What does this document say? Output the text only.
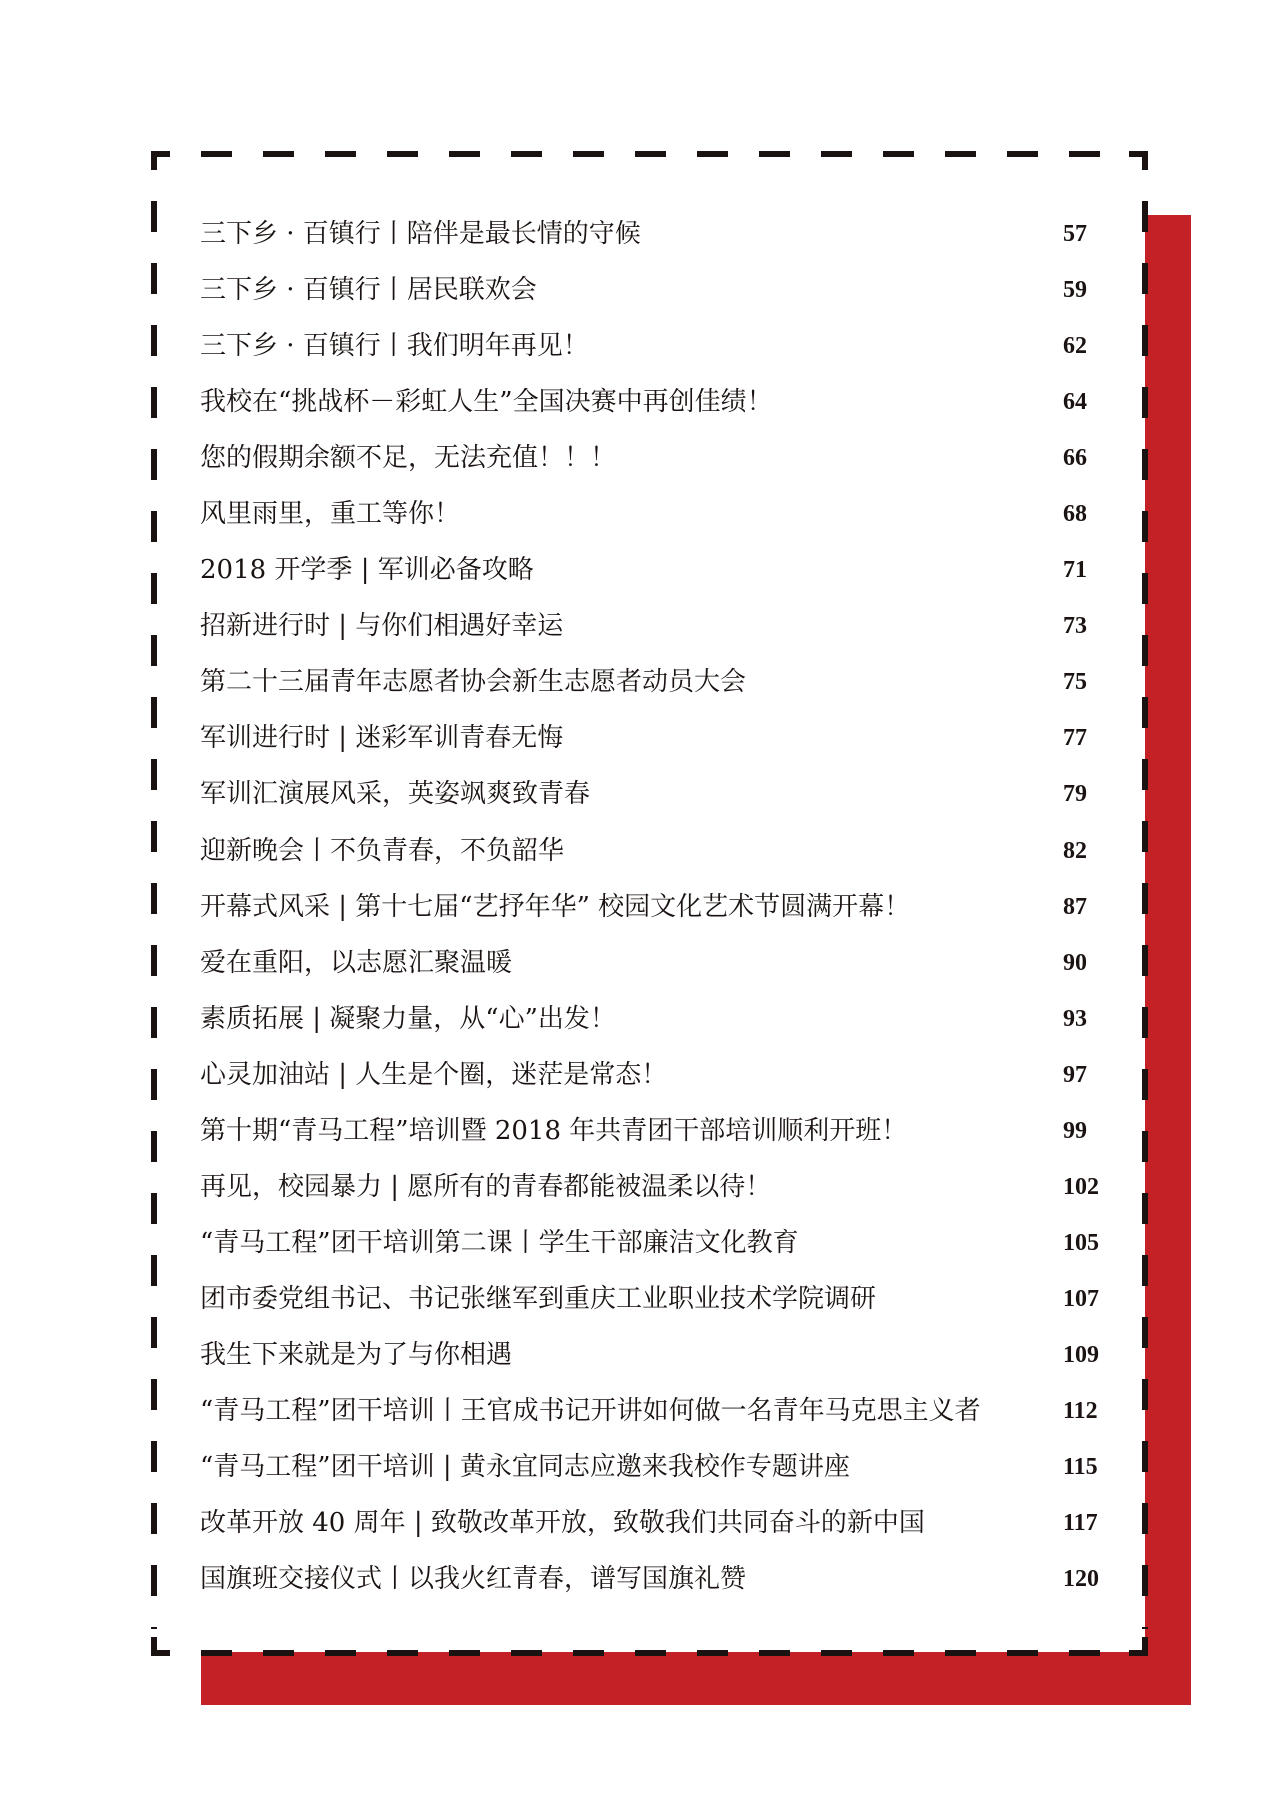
三下乡 · 百镇行丨陪伴是最长情的守候	57
三下乡 · 百镇行丨居民联欢会	59
三下乡 · 百镇行丨我们明年再见！	62
我校在“挑战杯－彩虹人生”全国决赛中再创佳绩！	64
您的假期余额不足，无法充值！！！	66
风里雨里，重工等你！	68
2018 开学季 | 军训必备攻略	71
招新进行时 | 与你们相遇好幸运	73
第二十三届青年志愿者协会新生志愿者动员大会	75
军训进行时 | 迷彩军训青春无悔	77
军训汇演展风采，英姿飒爽致青春	79
迎新晚会丨不负青春，不负韶华	82
开幕式风采 | 第十七届“艺抒年华” 校园文化艺术节圆满开幕！	87
爱在重阳，以志愿汇聚温暖	90
素质拓展 | 凝聚力量，从“心”出发！	93
心灵加油站 | 人生是个圈，迷茫是常态！	97
第十期“青马工程”培训暨 2018 年共青团干部培训顺利开班！	99
再见，校园暴力 | 愿所有的青春都能被温柔以待！	102
“青马工程”团干培训第二课丨学生干部廉洁文化教育	105
团市委党组书记、书记张继军到重庆工业职业技术学院调研	107
我生下来就是为了与你相遇	109
“青马工程”团干培训丨王官成书记开讲如何做一名青年马克思主义者	112
“青马工程”团干培训 | 黄永宜同志应邀来我校作专题讲座	115
改革开放 40 周年 | 致敬改革开放，致敬我们共同奋斗的新中国	117
国旗班交接仪式丨以我火红青春，谱写国旗礼赞	120
